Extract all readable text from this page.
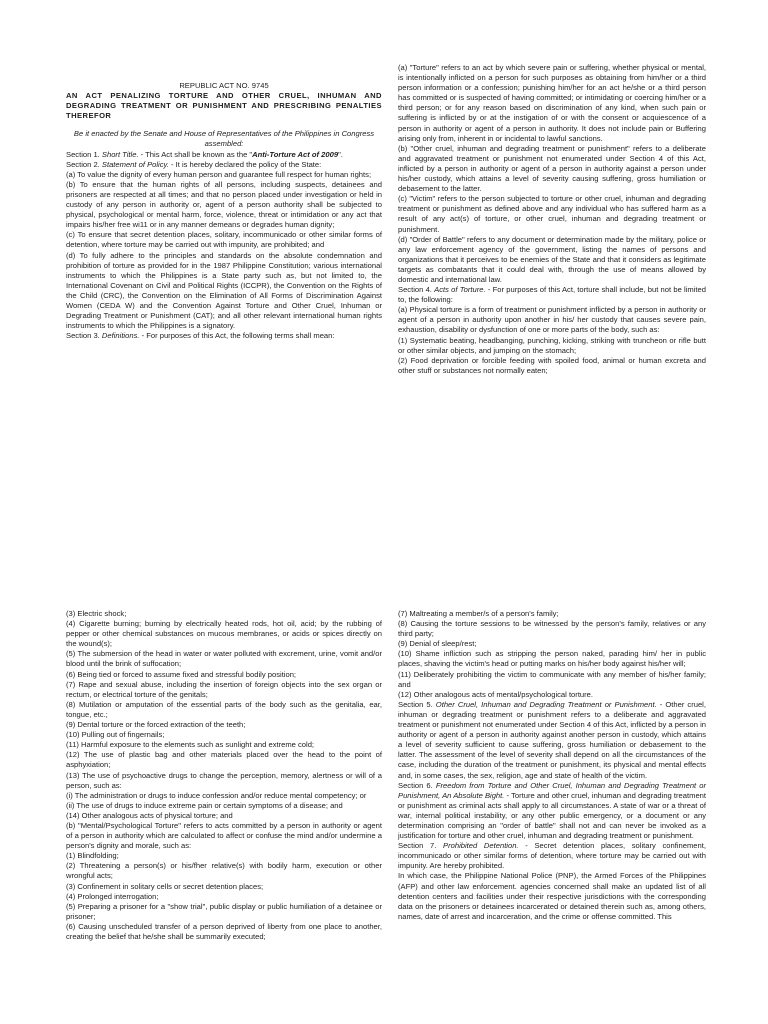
REPUBLIC ACT NO. 9745

AN ACT PENALIZING TORTURE AND OTHER CRUEL, INHUMAN AND DEGRADING TREATMENT OR PUNISHMENT AND PRESCRIBING PENALTIES THEREFOR

Be it enacted by the Senate and House of Representatives of the Philippines in Congress assembled:

Section 1. Short Title. - This Act shall be known as the "Anti-Torture Act of 2009".

Section 2. Statement of Policy. - It is hereby declared the policy of the State:

(a) To value the dignity of every human person and guarantee full respect for human rights;

(b) To ensure that the human rights of all persons, including suspects, detainees and prisoners are respected at all times; and that no person placed under investigation or held in custody of any person in authority or, agent of a person authority shall be subjected to physical, psychological or mental harm, force, violence, threat or intimidation or any act that impairs his/her free wi11 or in any manner demeans or degrades human dignity;

(c) To ensure that secret detention places, solitary, incommunicado or other similar forms of detention, where torture may be carried out with impunity, are prohibited; and

(d) To fully adhere to the principles and standards on the absolute condemnation and prohibition of torture as provided for in the 1987 Philippine Constitution; various international instruments to which the Philippines is a State party such as, but not limited to, the International Covenant on Civil and Political Rights (ICCPR), the Convention on the Rights of the Child (CRC), the Convention on the Elimination of All Forms of Discrimination Against Women (CEDA W) and the Convention Against Torture and Other Cruel, Inhuman or Degrading Treatment or Punishment (CAT); and all other relevant international human rights instruments to which the Philippines is a signatory.

Section 3. Definitions. - For purposes of this Act, the following terms shall mean:

(a) "Torture" refers to an act by which severe pain or suffering, whether physical or mental, is intentionally inflicted on a person for such purposes as obtaining from him/her or a third person information or a confession; punishing him/her for an act he/she or a third person has committed or is suspected of having committed; or intimidating or coercing him/her or a third person; or for any reason based on discrimination of any kind, when such pain or suffering is inflicted by or at the instigation of or with the consent or acquiescence of a person in authority or agent of a person in authority. It does not include pain or Buffering arising only from, inherent in or incidental to lawful sanctions.

(b) "Other cruel, inhuman and degrading treatment or punishment" refers to a deliberate and aggravated treatment or punishment not enumerated under Section 4 of this Act, inflicted by a person in authority or agent of a person in authority against a person under his/her custody, which attains a level of severity causing suffering, gross humiliation or debasement to the latter.

(c) "Victim" refers to the person subjected to torture or other cruel, inhuman and degrading treatment or punishment as defined above and any individual who has suffered harm as a result of any act(s) of torture, or other cruel, inhuman and degrading treatment or punishment.

(d) "Order of Battle" refers to any document or determination made by the military, police or any law enforcement agency of the government, listing the names of persons and organizations that it perceives to be enemies of the State and that it considers as legitimate targets as combatants that it could deal with, through the use of means allowed by domestic and international law.

Section 4. Acts of Torture. - For purposes of this Act, torture shall include, but not be limited to, the following:

(a) Physical torture is a form of treatment or punishment inflicted by a person in authority or agent of a person in authority upon another in his/ her custody that causes severe pain, exhaustion, disability or dysfunction of one or more parts of the body, such as:

(1) Systematic beating, headbanging, punching, kicking, striking with truncheon or rifle butt or other similar objects, and jumping on the stomach;

(2) Food deprivation or forcible feeding with spoiled food, animal or human excreta and other stuff or substances not normally eaten;

(3) Electric shock;

(4) Cigarette burning; burning by electrically heated rods, hot oil, acid; by the rubbing of pepper or other chemical substances on mucous membranes, or acids or spices directly on the wound(s);

(5) The submersion of the head in water or water polluted with excrement, urine, vomit and/or blood until the brink of suffocation;

(6) Being tied or forced to assume fixed and stressful bodily position;

(7) Rape and sexual abuse, including the insertion of foreign objects into the sex organ or rectum, or electrical torture of the genitals;

(8) Mutilation or amputation of the essential parts of the body such as the genitalia, ear, tongue, etc.;

(9) Dental torture or the forced extraction of the teeth;

(10) Pulling out of fingernails;

(11) Harmful exposure to the elements such as sunlight and extreme cold;

(12) The use of plastic bag and other materials placed over the head to the point of asphyxiation;

(13) The use of psychoactive drugs to change the perception, memory, alertness or will of a person, such as:

(i) The administration or drugs to induce confession and/or reduce mental competency; or

(ii) The use of drugs to induce extreme pain or certain symptoms of a disease; and

(14) Other analogous acts of physical torture; and

(b) "Mental/Psychological Torture" refers to acts committed by a person in authority or agent of a person in authority which are calculated to affect or confuse the mind and/or undermine a person's dignity and morale, such as:

(1) Blindfolding;

(2) Threatening a person(s) or his/fher relative(s) with bodily harm, execution or other wrongful acts;

(3) Confinement in solitary cells or secret detention places;

(4) Prolonged interrogation;

(5) Preparing a prisoner for a "show trial", public display or public humiliation of a detainee or prisoner;

(6) Causing unscheduled transfer of a person deprived of liberty from one place to another, creating the belief that he/she shall be summarily executed;

(7) Maltreating a member/s of a person's family;

(8) Causing the torture sessions to be witnessed by the person's family, relatives or any third party;

(9) Denial of sleep/rest;

(10) Shame infliction such as stripping the person naked, parading him/ her in public places, shaving the victim's head or putting marks on his/her body against his/her will;

(11) Deliberately prohibiting the victim to communicate with any member of his/her family; and

(12) Other analogous acts of mental/psychological torture.

Section 5. Other Cruel, Inhuman and Degrading Treatment or Punishment. - Other cruel, inhuman or degrading treatment or punishment refers to a deliberate and aggravated treatment or punishment not enumerated under Section 4 of this Act, inflicted by a person in authority or agent of a person in authority against another person in custody, which attains a level of severity sufficient to cause suffering, gross humiliation or debasement to the latter. The assessment of the level of severity shall depend on all the circumstances of the case, including the duration of the treatment or punishment, its physical and mental effects and, in some cases, the sex, religion, age and state of health of the victim.

Section 6. Freedom from Torture and Other Cruel, Inhuman and Degrading Treatment or Punishment, An Absolute Bight. - Torture and other cruel, inhuman and degrading treatment or punishment as criminal acts shall apply to all circumstances. A state of war or a threat of war, internal political instability, or any other public emergency, or a document or any determination comprising an "order of battle" shall not and can never be invoked as a justification for torture and other cruel, inhuman and degrading treatment or punishment.

Section 7. Prohibited Detention. - Secret detention places, solitary confinement, incommunicado or other similar forms of detention, where torture may be carried out with impunity. Are hereby prohibited.

In which case, the Philippine National Police (PNP), the Armed Forces of the Philippines (AFP) and other law enforcement. agencies concerned shall make an updated list of all detention centers and facilities under their respective jurisdictions with the corresponding data on the prisoners or detainees incarcerated or detained therein such as, among others, names, date of arrest and incarceration, and the crime or offense committed. This
